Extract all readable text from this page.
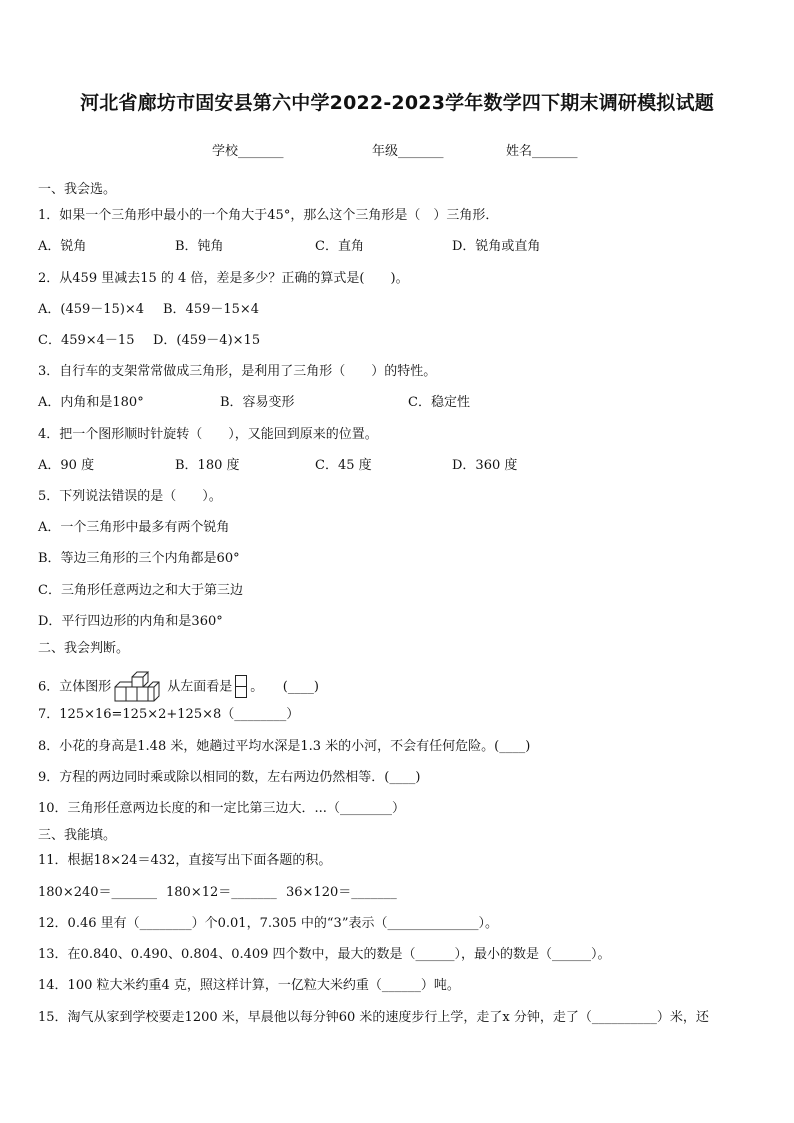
河北省廊坊市固安县第六中学2022-2023学年数学四下期末调研模拟试题
学校_______	年级_______	姓名_______
一、我会选。
1．如果一个三角形中最小的一个角大于45°，那么这个三角形是（　）三角形．
A．锐角	B．钝角	C．直角	D．锐角或直角
2．从459 里减去15 的 4 倍，差是多少？正确的算式是(　　)。
A．(459－15)×4 B．459－15×4
C．459×4－15 D．(459－4)×15
3．自行车的支架常常做成三角形，是利用了三角形（　　）的特性。
A．内角和是180°	B．容易变形	C．稳定性
4．把一个图形顺时针旋转（　　），又能回到原来的位置。
A．90 度	B．180 度	C．45 度	D．360 度
5．下列说法错误的是（　　）。
A．一个三角形中最多有两个锐角
B．等边三角形的三个内角都是60°
C．三角形任意两边之和大于第三边
D．平行四边形的内角和是360°
二、我会判断。
6．立体图形	从左面看是 。　　(____)
7．125×16=125×2+125×8（________）
8．小花的身高是1.48 米，她趟过平均水深是1.3 米的小河，不会有任何危险。(____)
9．方程的两边同时乘或除以相同的数，左右两边仍然相等．(____)
10．三角形任意两边长度的和一定比第三边大．...（________）
三、我能填。
11．根据18×24＝432，直接写出下面各题的积。
180×240＝_______ 180×12＝_______ 36×120＝_______
12．0.46 里有（________）个0.01，7.305 中的“3”表示（______________）。
13．在0.840、0.490、0.804、0.409 四个数中，最大的数是（______），最小的数是（______）。
14．100 粒大米约重4 克，照这样计算，一亿粒大米约重（______）吨。
15．淘气从家到学校要走1200 米，早晨他以每分钟60 米的速度步行上学，走了x 分钟，走了（__________）米，还
